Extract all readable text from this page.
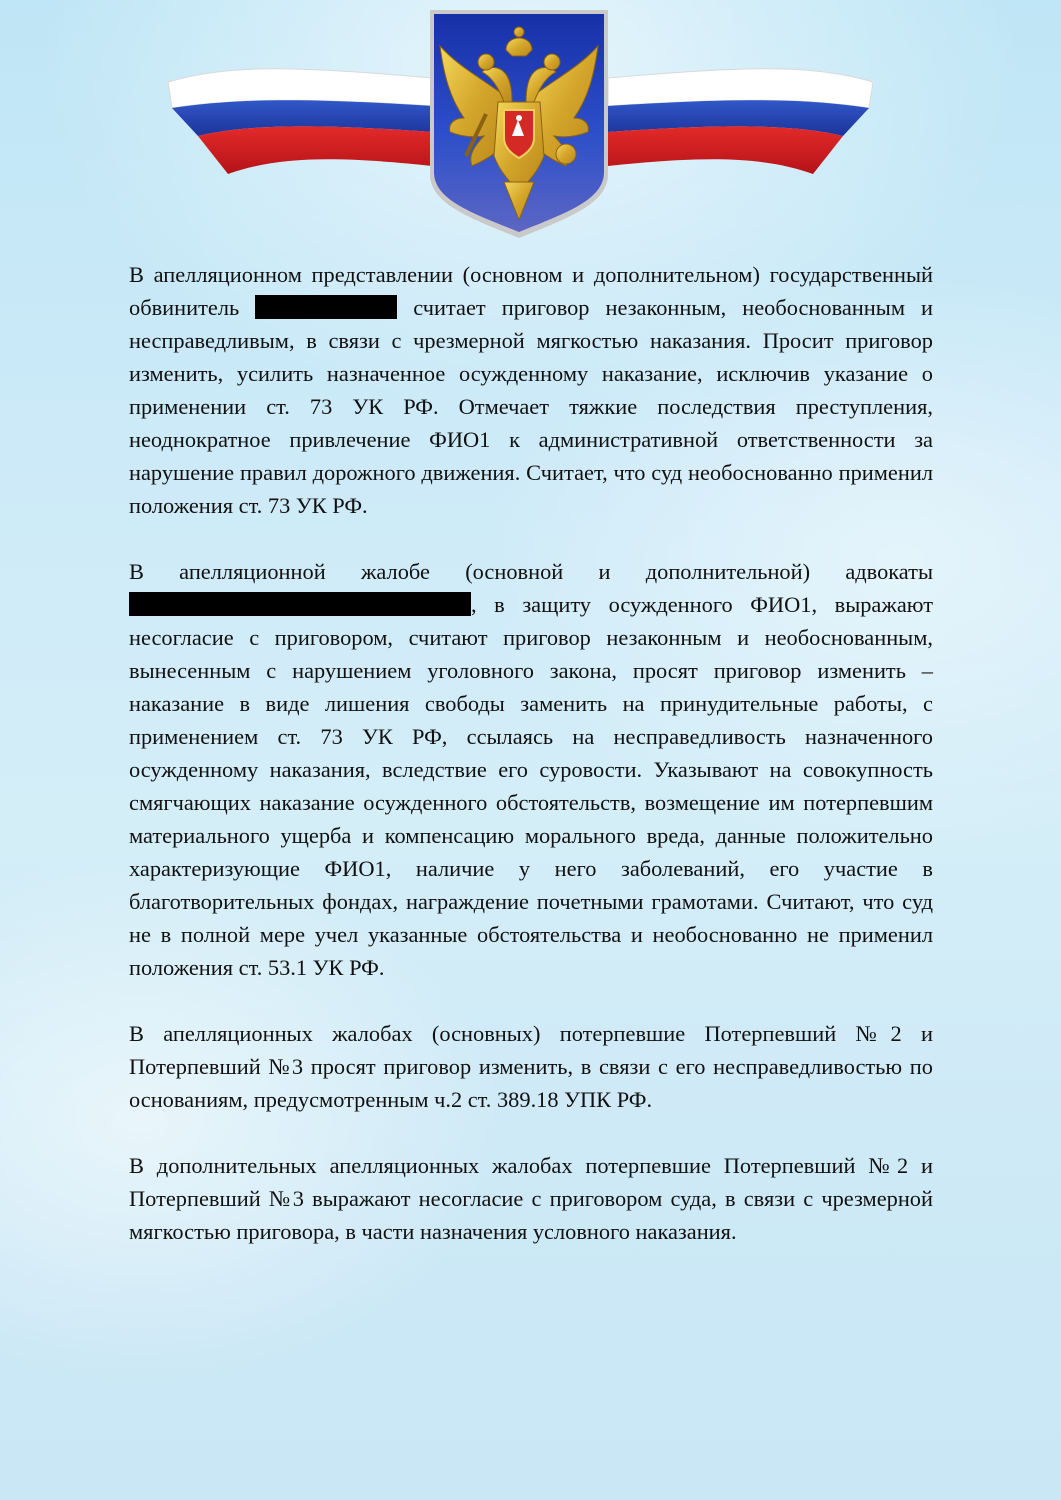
В апелляционном представлении (основном и дополнительном) государственный обвинитель	считает приговор незаконным, необоснованным и несправедливым, в связи с чрезмерной мягкостью наказания. Просит приговор изменить, усилить назначенное осужденному наказание, исключив указание о применении ст. 73 УК РФ. Отмечает тяжкие последствия преступления, неоднократное привлечение ФИО1 к административной ответственности за нарушение правил дорожного движения. Считает, что суд необоснованно применил положения ст. 73 УК РФ.

В апелляционной жалобе (основной и дополнительной) адвокаты , в защиту осужденного ФИО1, выражают несогласие с приговором, считают приговор незаконным и необоснованным, вынесенным с нарушением уголовного закона, просят приговор изменить – наказание в виде лишения свободы заменить на принудительные работы, с применением ст. 73 УК РФ, ссылаясь на несправедливость назначенного осужденному наказания, вследствие его суровости. Указывают на совокупность смягчающих наказание осужденного обстоятельств, возмещение им потерпевшим материального ущерба и компенсацию морального вреда, данные положительно характеризующие ФИО1, наличие у него заболеваний, его участие в благотворительных фондах, награждение почетными грамотами. Считают, что суд не в полной мере учел указанные обстоятельства и необоснованно не применил положения ст. 53.1 УК РФ.

В апелляционных жалобах (основных) потерпевшие Потерпевший №2 и Потерпевший №3 просят приговор изменить, в связи с его несправедливостью по основаниям, предусмотренным ч.2 ст. 389.18 УПК РФ.

В дополнительных апелляционных жалобах потерпевшие Потерпевший №2 и Потерпевший №3 выражают несогласие с приговором суда, в связи с чрезмерной мягкостью приговора, в части назначения условного наказания.
